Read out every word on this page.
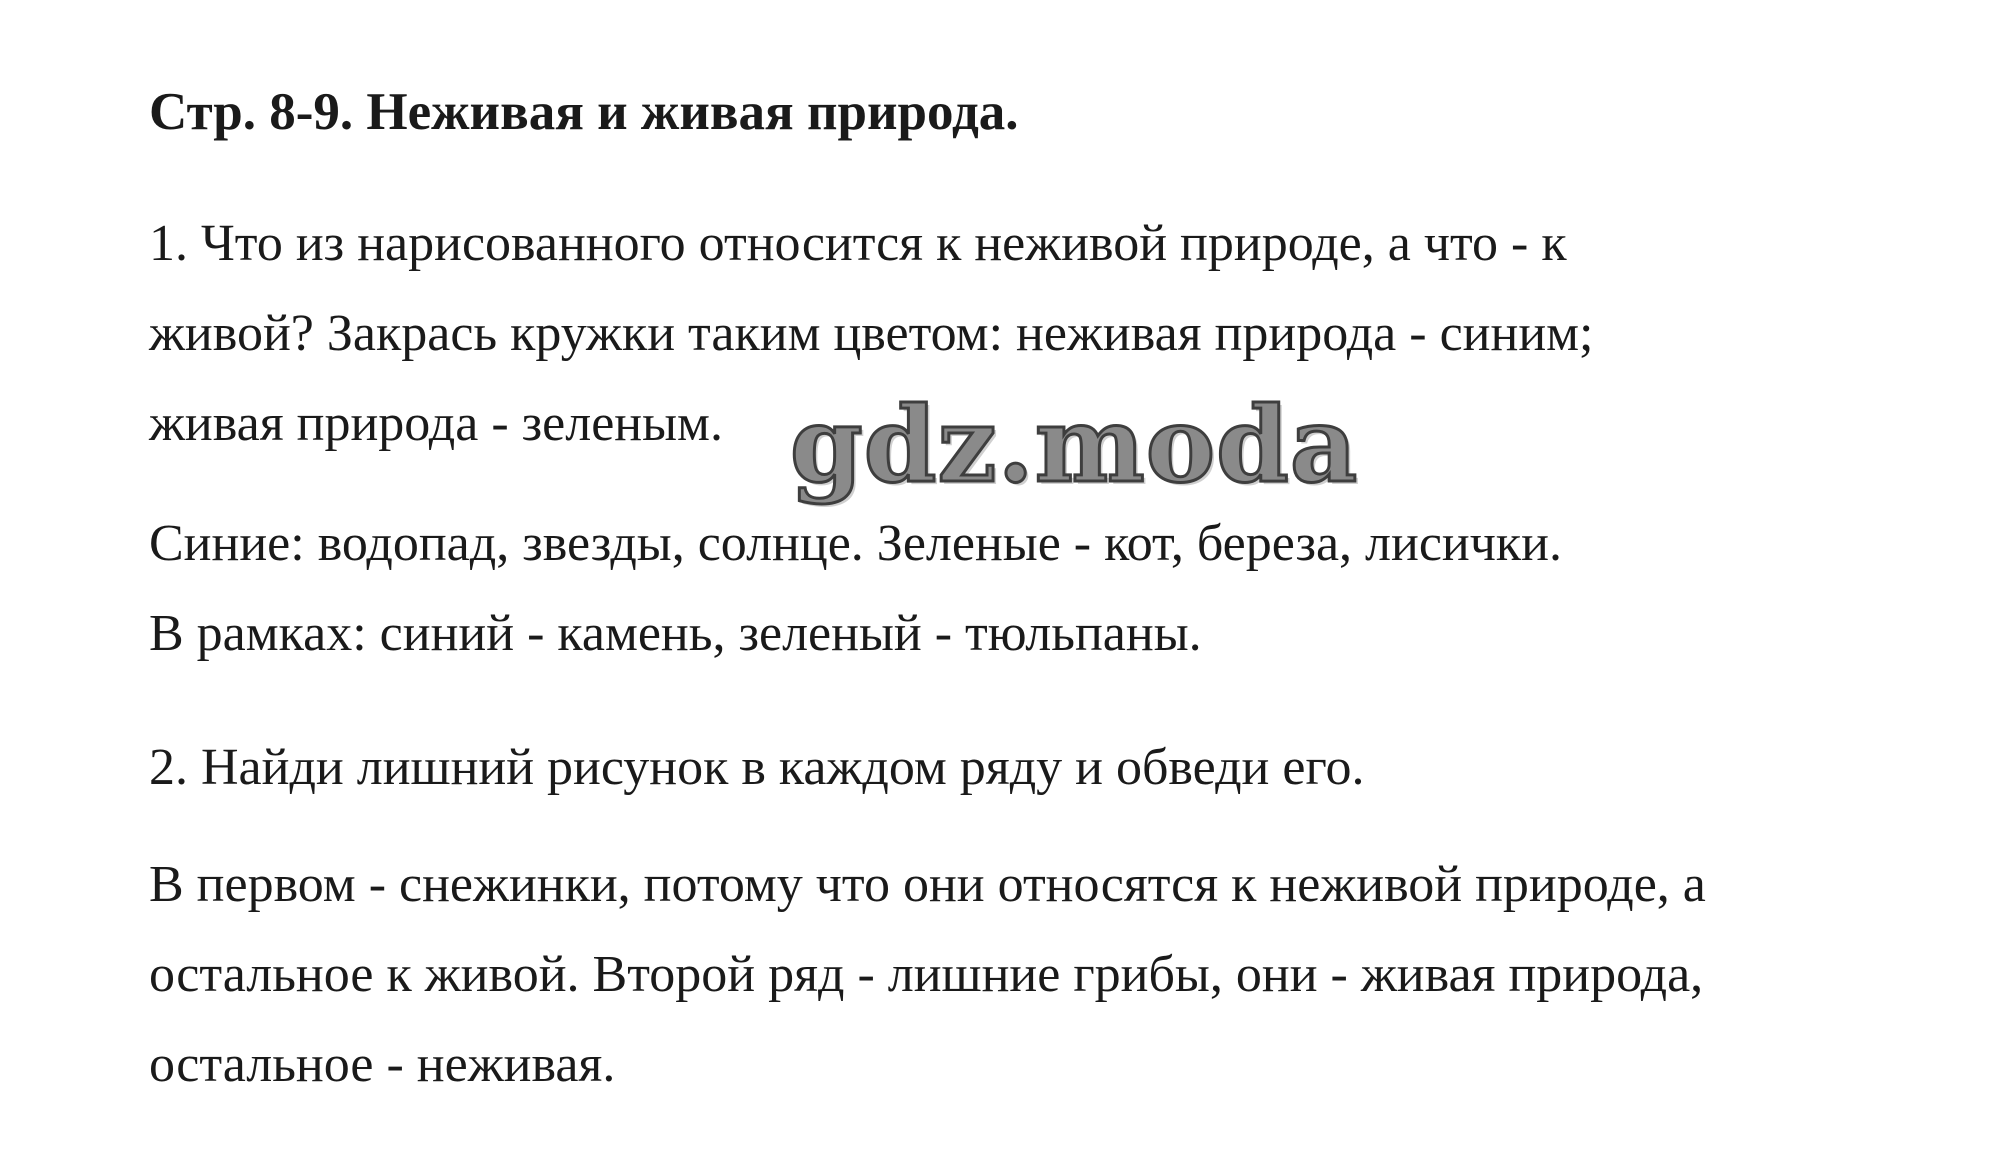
Стр. 8-9. Неживая и живая природа.
1. Что из нарисованного относится к неживой природе, а что - к
живой? Закрась кружки таким цветом: неживая природа - синим;
живая природа - зеленым.
Синие: водопад, звезды, солнце. Зеленые - кот, береза, лисички.
В рамках: синий - камень, зеленый - тюльпаны.
2. Найди лишний рисунок в каждом ряду и обведи его.
В первом - снежинки, потому что они относятся к неживой природе, а
остальное к живой. Второй ряд - лишние грибы, они - живая природа,
остальное - неживая.
gdz.moda
